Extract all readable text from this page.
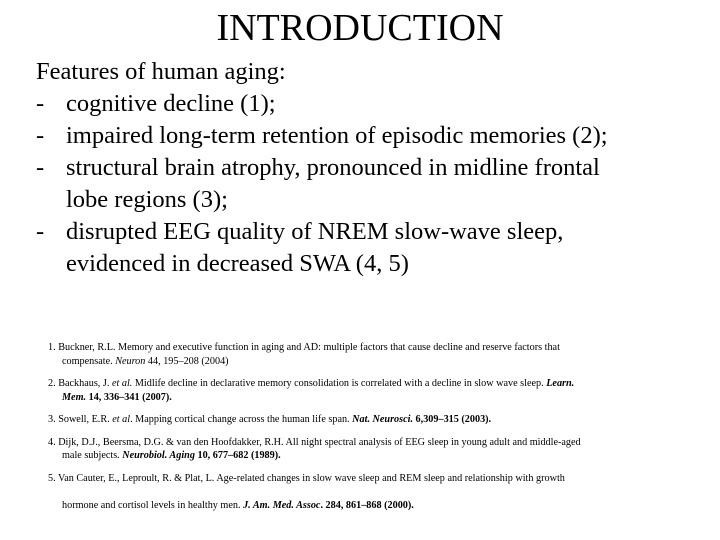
INTRODUCTION

Features of human aging:

- cognitive decline (1);
- impaired long-term retention of episodic memories (2);
- structural brain atrophy, pronounced in midline frontal
lobe regions (3);
- disrupted EEG quality of NREM slow-wave sleep,
evidenced in decreased SWA (4, 5)
1. Buckner, R.L. Memory and executive function in aging and AD: multiple factors that cause decline and reserve factors that
compensate. Neuron 44, 195–208 (2004)
2. Backhaus, J. et al. Midlife decline in declarative memory consolidation is correlated with a decline in slow wave sleep. Learn.
Mem. 14, 336–341 (2007).
3. Sowell, E.R. et al. Mapping cortical change across the human life span. Nat. Neurosci. 6,309–315 (2003).
4. Dijk, D.J., Beersma, D.G. & van den Hoofdakker, R.H. All night spectral analysis of EEG sleep in young adult and middle-aged
male subjects. Neurobiol. Aging 10, 677–682 (1989).
5. Van Cauter, E., Leproult, R. & Plat, L. Age-related changes in slow wave sleep and REM sleep and relationship with growth
hormone and cortisol levels in healthy men. J. Am. Med. Assoc. 284, 861–868 (2000).
